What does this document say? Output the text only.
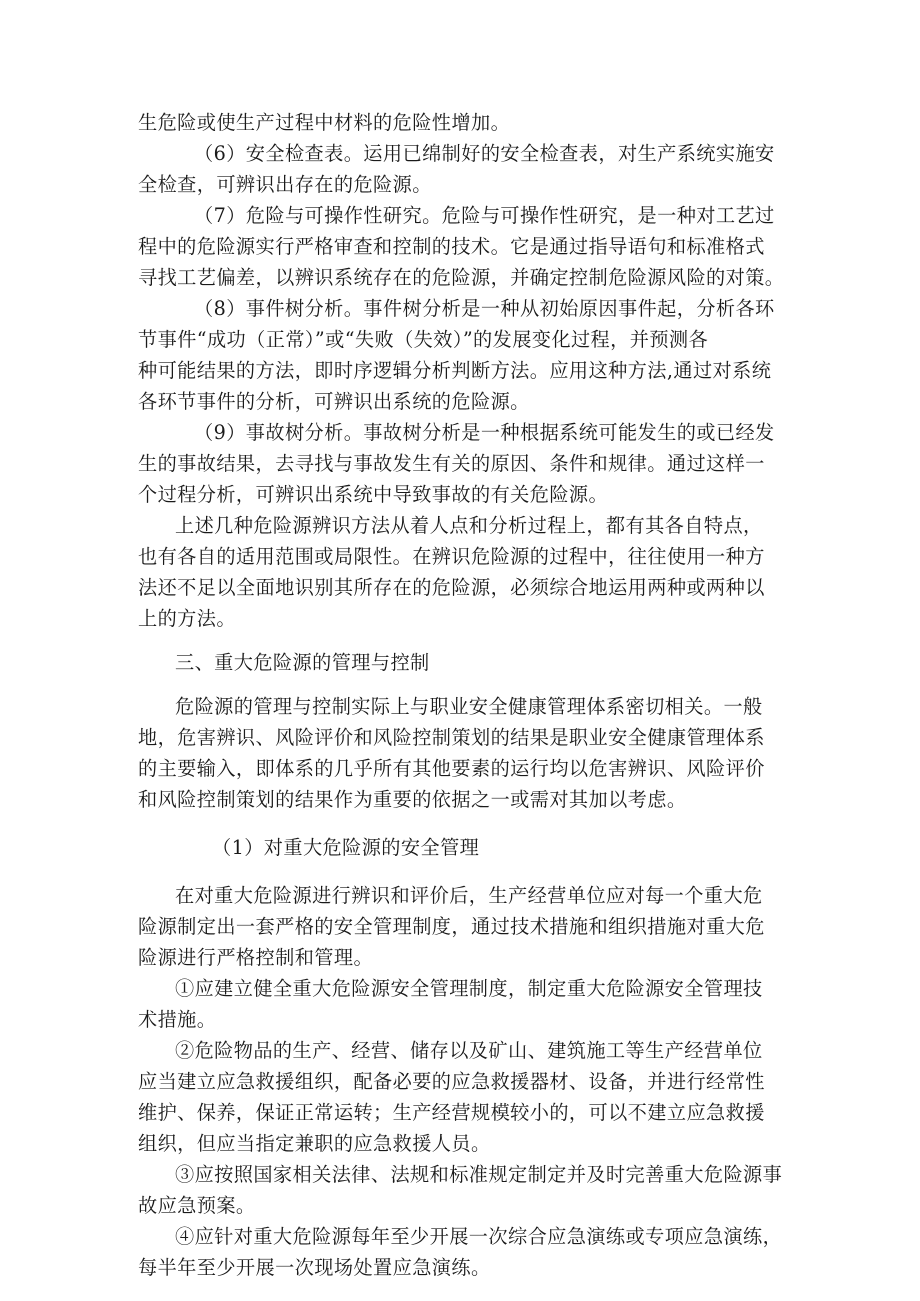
生危险或使生产过程中材料的危险性增加。
（6）安全检查表。运用已绵制好的安全检查表，对生产系统实施安
全检查，可辨识出存在的危险源。
（7）危险与可操作性研究。危险与可操作性研究，是一种对工艺过
程中的危险源实行严格审查和控制的技术。它是通过指导语句和标准格式
寻找工艺偏差，以辨识系统存在的危险源，并确定控制危险源风险的对策。
（8）事件树分析。事件树分析是一种从初始原因事件起，分析各环
节事件“成功（正常）”或“失败（失效）”的发展变化过程，并预测各
种可能结果的方法，即时序逻辑分析判断方法。应用这种方法,通过对系统
各环节事件的分析，可辨识出系统的危险源。
（9）事故树分析。事故树分析是一种根据系统可能发生的或已经发
生的事故结果，去寻找与事故发生有关的原因、条件和规律。通过这样一
个过程分析，可辨识出系统中导致事故的有关危险源。
上述几种危险源辨识方法从着人点和分析过程上，都有其各自特点，
也有各自的适用范围或局限性。在辨识危险源的过程中，往往使用一种方
法还不足以全面地识别其所存在的危险源，必须综合地运用两种或两种以
上的方法。
三、重大危险源的管理与控制
危险源的管理与控制实际上与职业安全健康管理体系密切相关。一般
地，危害辨识、风险评价和风险控制策划的结果是职业安全健康管理体系
的主要输入，即体系的几乎所有其他要素的运行均以危害辨识、风险评价
和风险控制策划的结果作为重要的依据之一或需对其加以考虑。
（1）对重大危险源的安全管理
在对重大危险源进行辨识和评价后，生产经营单位应对每一个重大危
险源制定出一套严格的安全管理制度，通过技术措施和组织措施对重大危
险源进行严格控制和管理。
①应建立健全重大危险源安全管理制度，制定重大危险源安全管理技
术措施。
②危险物品的生产、经营、储存以及矿山、建筑施工等生产经营单位
应当建立应急救援组织，配备必要的应急救援器材、设备，并进行经常性
维护、保养，保证正常运转；生产经营规模较小的，可以不建立应急救援
组织，但应当指定兼职的应急救援人员。
③应按照国家相关法律、法规和标准规定制定并及时完善重大危险源事
故应急预案。
④应针对重大危险源每年至少开展一次综合应急演练或专项应急演练，
每半年至少开展一次现场处置应急演练。
